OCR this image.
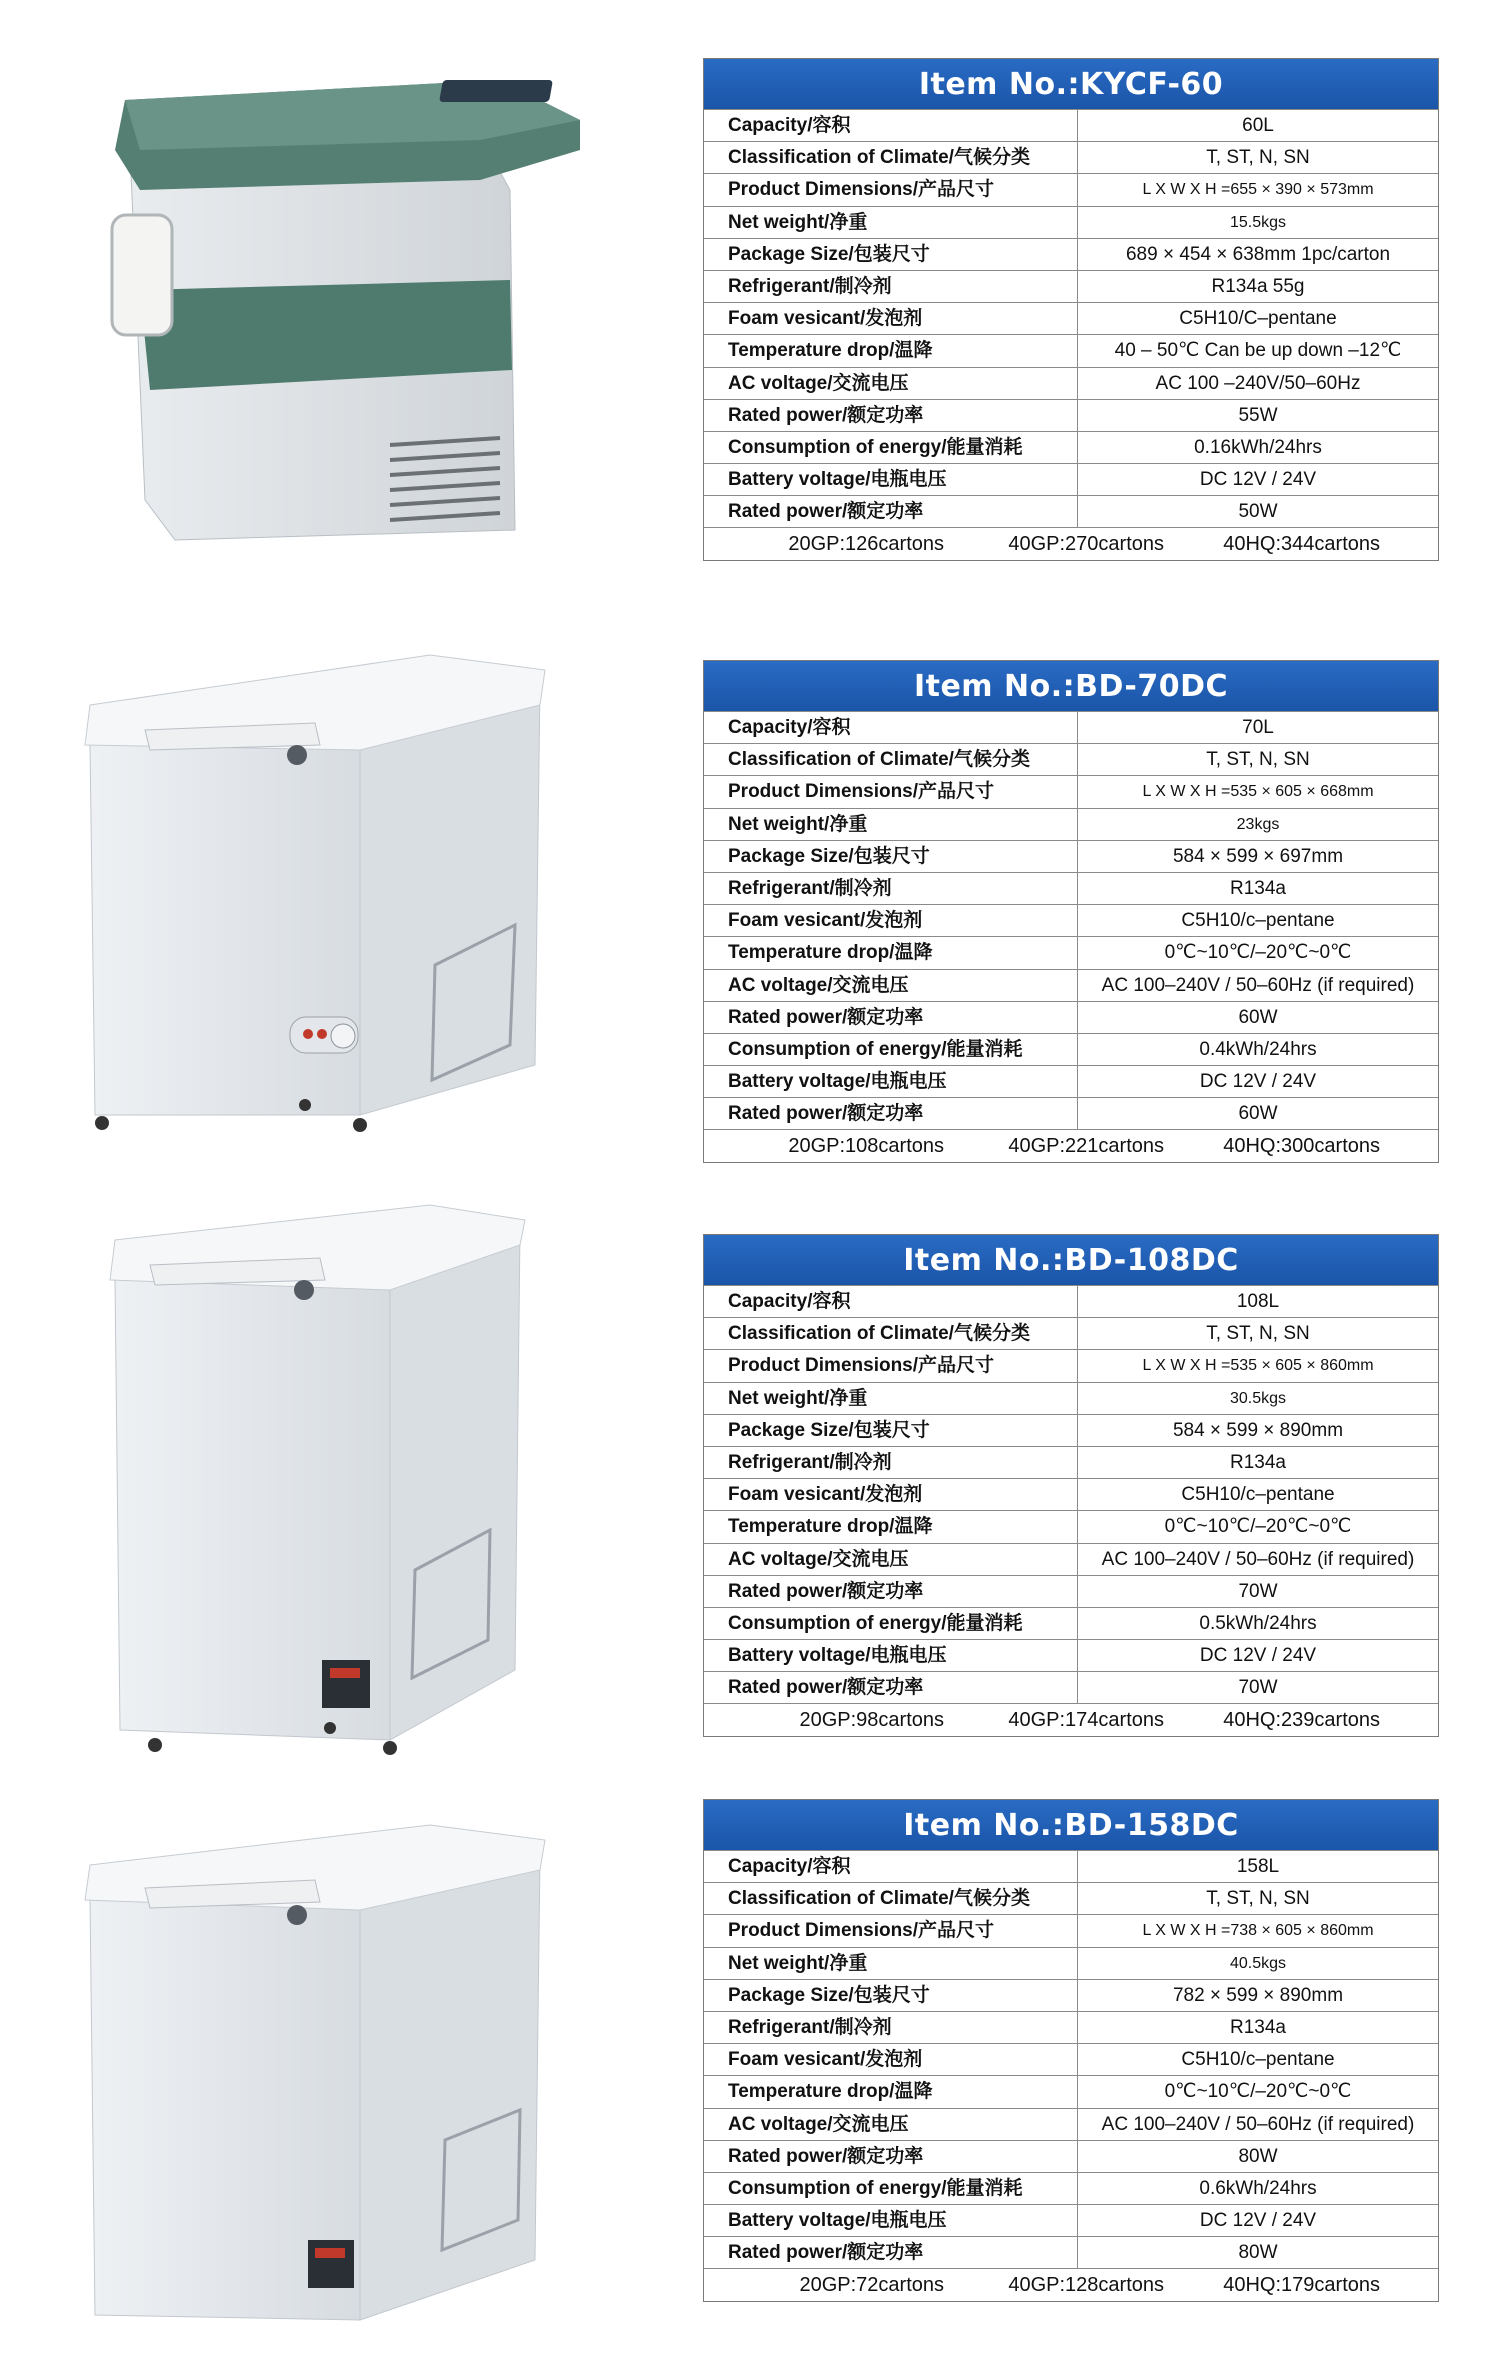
Item No.:KYCF-60
Capacity/容积	60L
Classification of Climate/气候分类	T, ST, N, SN
Product Dimensions/产品尺寸	L X W X H =655 × 390 × 573mm
Net weight/净重	15.5kgs
Package Size/包装尺寸	689 × 454 × 638mm 1pc/carton
Refrigerant/制冷剂	R134a 55g
Foam vesicant/发泡剂	C5H10/C–pentane
Temperature drop/温降	40 – 50℃ Can be up down –12℃
AC voltage/交流电压	AC 100 –240V/50–60Hz
Rated power/额定功率	55W
Consumption of energy/能量消耗	0.16kWh/24hrs
Battery voltage/电瓶电压	DC 12V / 24V
Rated power/额定功率	50W
20GP:126cartons	40GP:270cartons	40HQ:344cartons
Item No.:BD-70DC
Capacity/容积	70L
Classification of Climate/气候分类	T, ST, N, SN
Product Dimensions/产品尺寸	L X W X H =535 × 605 × 668mm
Net weight/净重	23kgs
Package Size/包装尺寸	584 × 599 × 697mm
Refrigerant/制冷剂	R134a
Foam vesicant/发泡剂	C5H10/c–pentane
Temperature drop/温降	0℃~10℃/–20℃~0℃
AC voltage/交流电压	AC 100–240V / 50–60Hz (if required)
Rated power/额定功率	60W
Consumption of energy/能量消耗	0.4kWh/24hrs
Battery voltage/电瓶电压	DC 12V / 24V
Rated power/额定功率	60W
20GP:108cartons	40GP:221cartons	40HQ:300cartons
Item No.:BD-108DC
Capacity/容积	108L
Classification of Climate/气候分类	T, ST, N, SN
Product Dimensions/产品尺寸	L X W X H =535 × 605 × 860mm
Net weight/净重	30.5kgs
Package Size/包装尺寸	584 × 599 × 890mm
Refrigerant/制冷剂	R134a
Foam vesicant/发泡剂	C5H10/c–pentane
Temperature drop/温降	0℃~10℃/–20℃~0℃
AC voltage/交流电压	AC 100–240V / 50–60Hz (if required)
Rated power/额定功率	70W
Consumption of energy/能量消耗	0.5kWh/24hrs
Battery voltage/电瓶电压	DC 12V / 24V
Rated power/额定功率	70W
20GP:98cartons	40GP:174cartons	40HQ:239cartons
Item No.:BD-158DC
Capacity/容积	158L
Classification of Climate/气候分类	T, ST, N, SN
Product Dimensions/产品尺寸	L X W X H =738 × 605 × 860mm
Net weight/净重	40.5kgs
Package Size/包装尺寸	782 × 599 × 890mm
Refrigerant/制冷剂	R134a
Foam vesicant/发泡剂	C5H10/c–pentane
Temperature drop/温降	0℃~10℃/–20℃~0℃
AC voltage/交流电压	AC 100–240V / 50–60Hz (if required)
Rated power/额定功率	80W
Consumption of energy/能量消耗	0.6kWh/24hrs
Battery voltage/电瓶电压	DC 12V / 24V
Rated power/额定功率	80W
20GP:72cartons	40GP:128cartons	40HQ:179cartons
